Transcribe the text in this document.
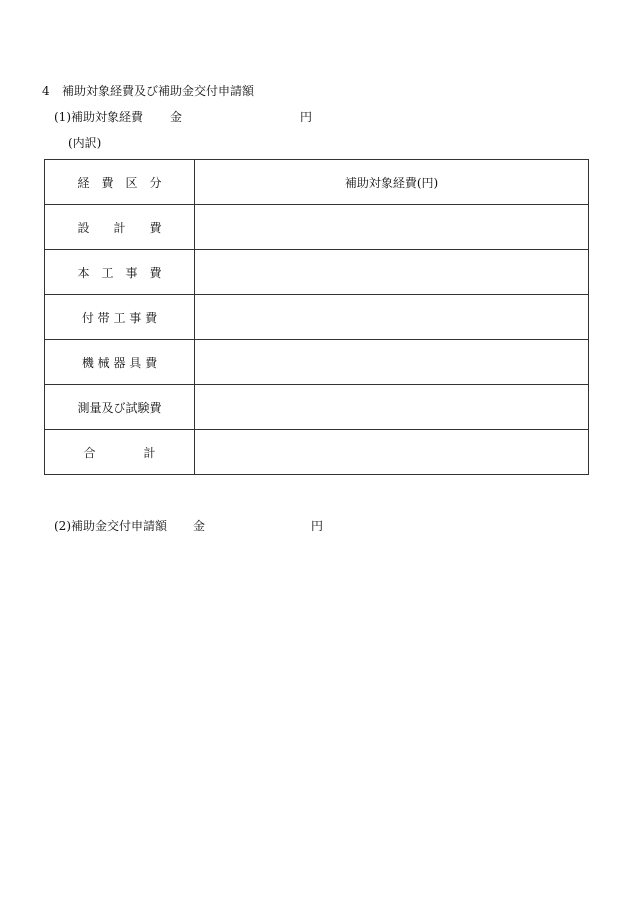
4 補助対象経費及び補助金交付申請額
(1)補助対象経費 金	円
(内訳)
経　費　区　分	補助対象経費(円)
設　　計　　費	
本　工　事　費	
付 帯 工 事 費	
機 械 器 具 費	
測量及び試験費	
合　　　　計	
(2)補助金交付申請額 金	円
